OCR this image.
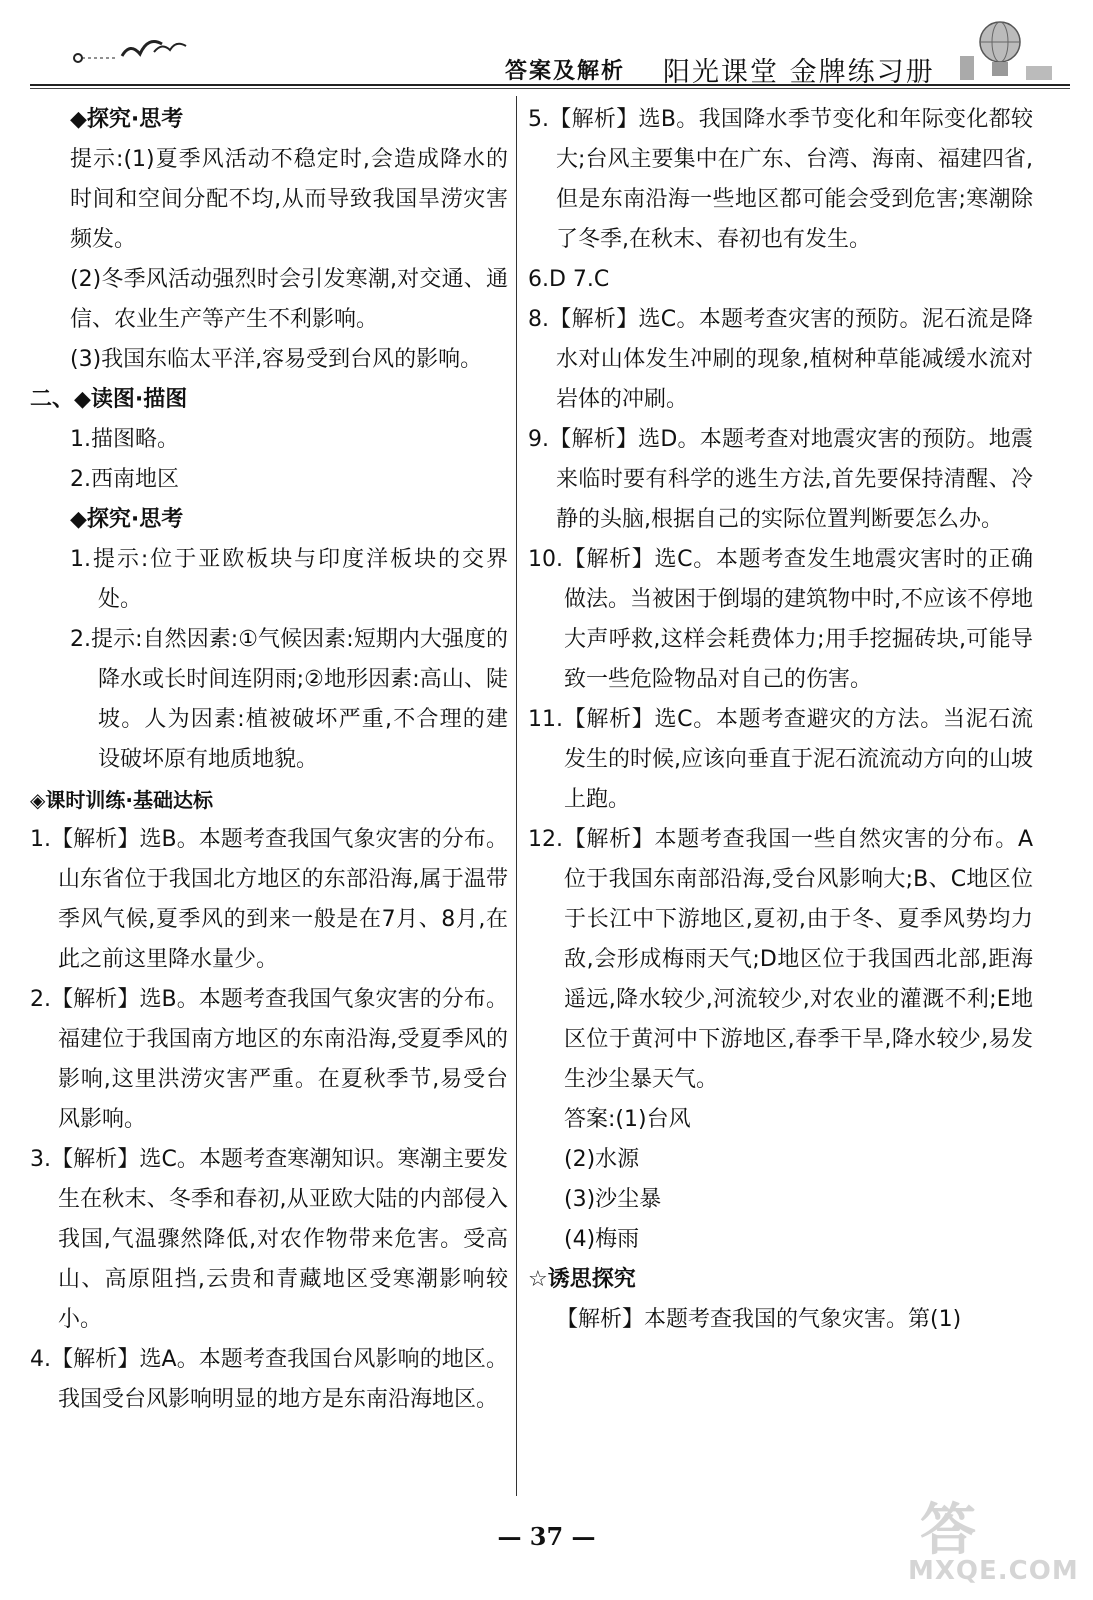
答案及解析 阳光课堂 金牌练习册

◆探究·思考

提示:(1)夏季风活动不稳定时,会造成降水的时间和空间分配不均,从而导致我国旱涝灾害频发。

(2)冬季风活动强烈时会引发寒潮,对交通、通信、农业生产等产生不利影响。

(3)我国东临太平洋,容易受到台风的影响。

二、◆读图·描图

1.描图略。

2.西南地区

◆探究·思考

1.提示:位于亚欧板块与印度洋板块的交界处。

2.提示:自然因素:①气候因素:短期内大强度的降水或长时间连阴雨;②地形因素:高山、陡坡。人为因素:植被破坏严重,不合理的建设破坏原有地质地貌。

◈课时训练·基础达标

1.【解析】选B。本题考查我国气象灾害的分布。山东省位于我国北方地区的东部沿海,属于温带季风气候,夏季风的到来一般是在7月、8月,在此之前这里降水量少。

2.【解析】选B。本题考查我国气象灾害的分布。福建位于我国南方地区的东南沿海,受夏季风的影响,这里洪涝灾害严重。在夏秋季节,易受台风影响。

3.【解析】选C。本题考查寒潮知识。寒潮主要发生在秋末、冬季和春初,从亚欧大陆的内部侵入我国,气温骤然降低,对农作物带来危害。受高山、高原阻挡,云贵和青藏地区受寒潮影响较小。

4.【解析】选A。本题考查我国台风影响的地区。我国受台风影响明显的地方是东南沿海地区。

5.【解析】选B。我国降水季节变化和年际变化都较大;台风主要集中在广东、台湾、海南、福建四省,但是东南沿海一些地区都可能会受到危害;寒潮除了冬季,在秋末、春初也有发生。

6.D 7.C

8.【解析】选C。本题考查灾害的预防。泥石流是降水对山体发生冲刷的现象,植树种草能减缓水流对岩体的冲刷。

9.【解析】选D。本题考查对地震灾害的预防。地震来临时要有科学的逃生方法,首先要保持清醒、冷静的头脑,根据自己的实际位置判断要怎么办。

10.【解析】选C。本题考查发生地震灾害时的正确做法。当被困于倒塌的建筑物中时,不应该不停地大声呼救,这样会耗费体力;用手挖掘砖块,可能导致一些危险物品对自己的伤害。

11.【解析】选C。本题考查避灾的方法。当泥石流发生的时候,应该向垂直于泥石流流动方向的山坡上跑。

12.【解析】本题考查我国一些自然灾害的分布。A位于我国东南部沿海,受台风影响大;B、C地区位于长江中下游地区,夏初,由于冬、夏季风势均力敌,会形成梅雨天气;D地区位于我国西北部,距海遥远,降水较少,河流较少,对农业的灌溉不利;E地区位于黄河中下游地区,春季干旱,降水较少,易发生沙尘暴天气。

答案:(1)台风

(2)水源

(3)沙尘暴

(4)梅雨

☆诱思探究

【解析】本题考查我国的气象灾害。第(1)

— 37 —	答
MXQE.COM
